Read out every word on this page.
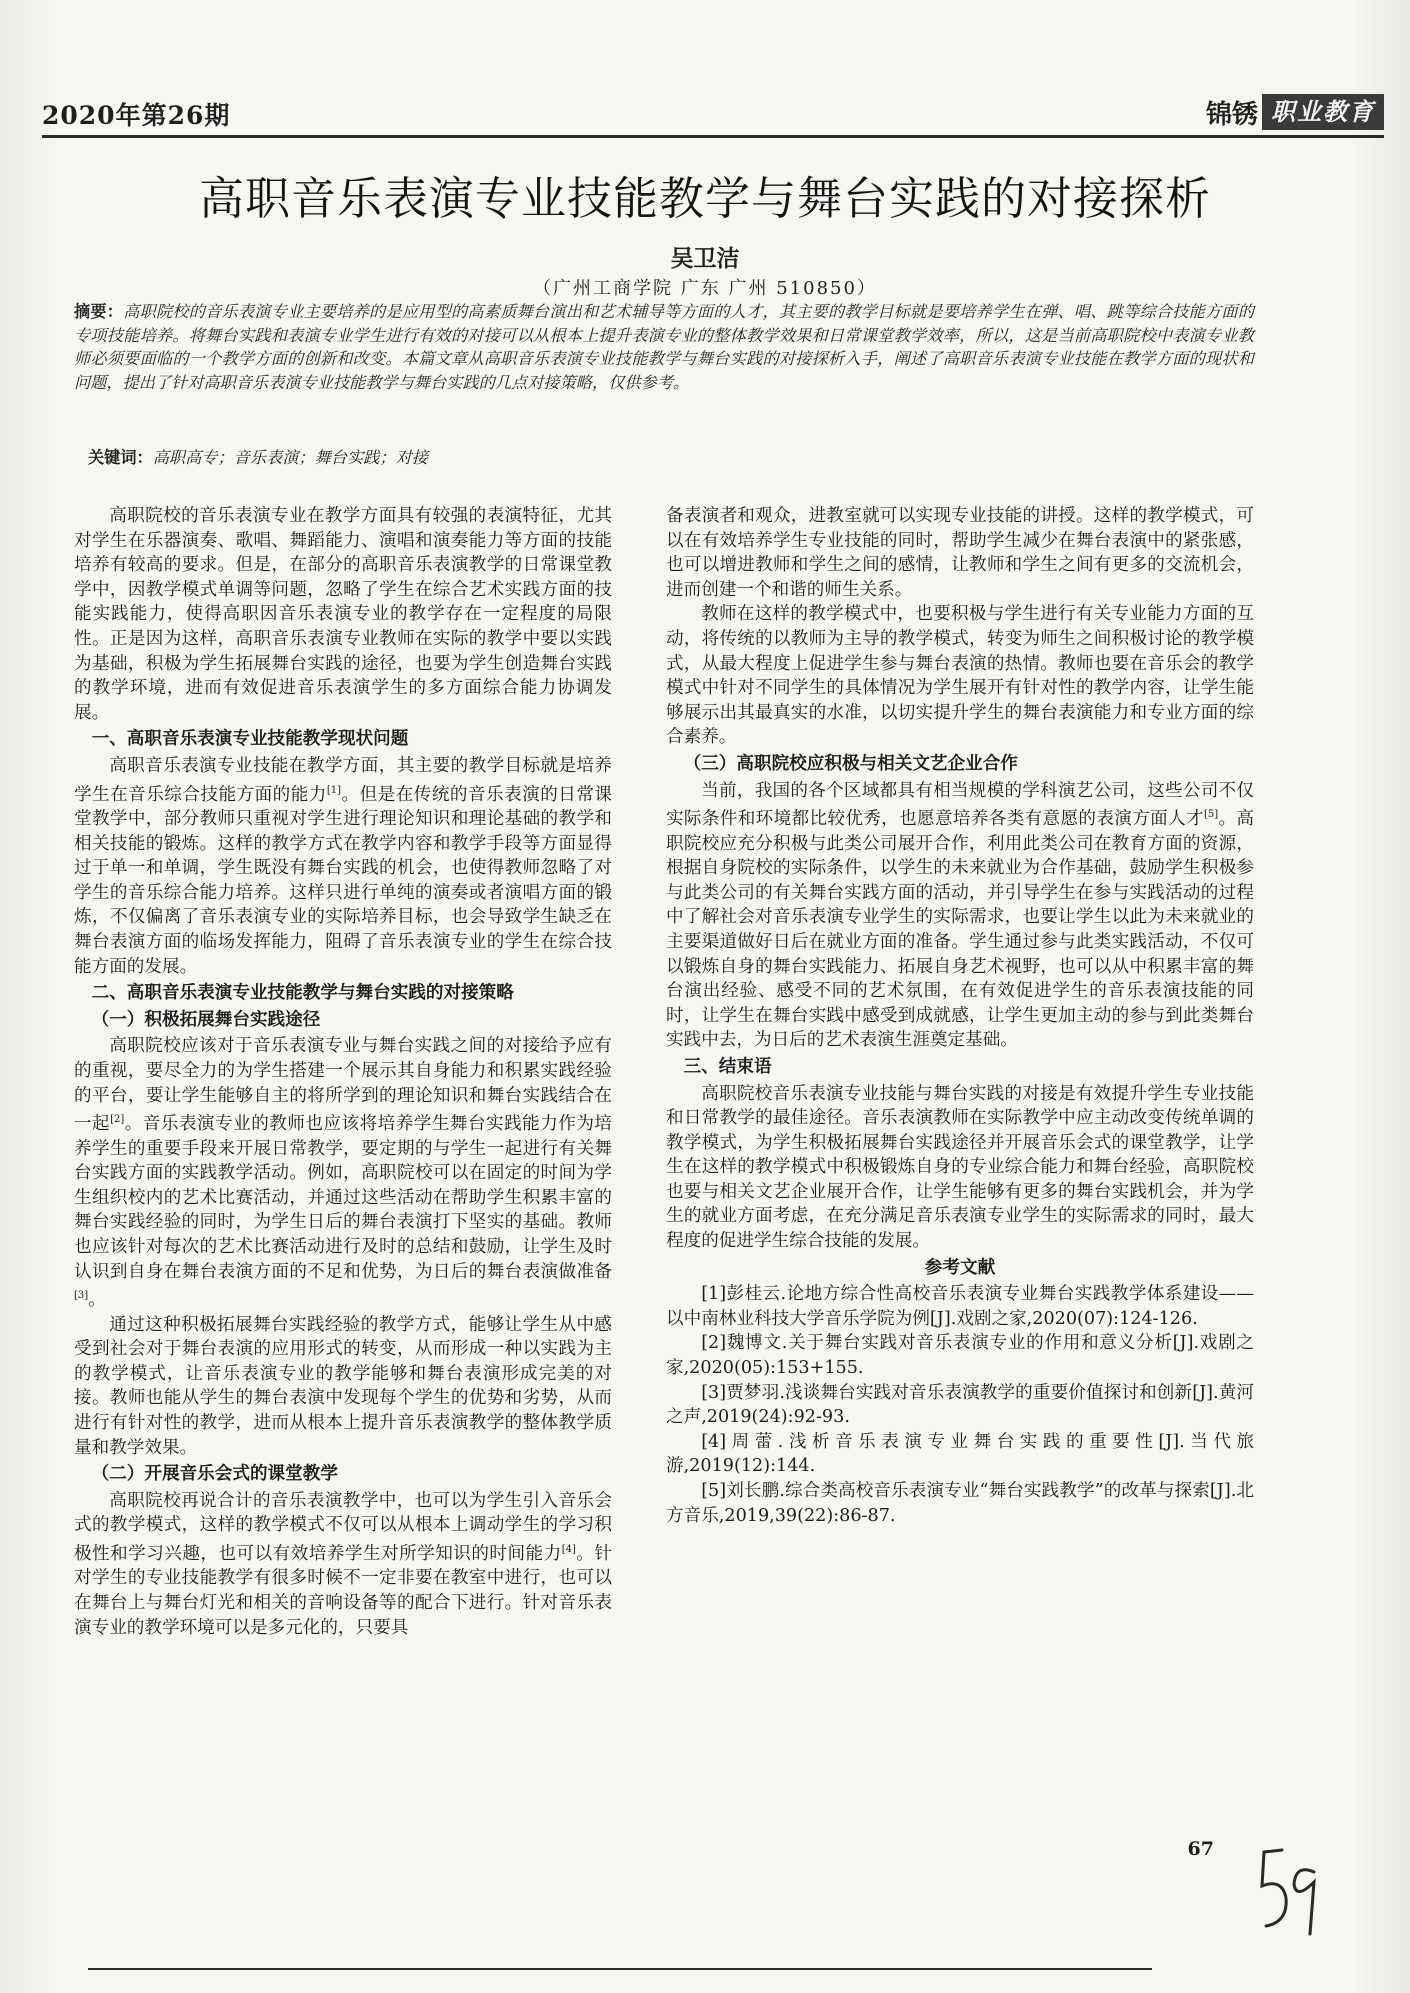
2020年第26期	锦锈 职业教育
高职音乐表演专业技能教学与舞台实践的对接探析
吴卫洁
（广州工商学院 广东 广州 510850）
摘要：高职院校的音乐表演专业主要培养的是应用型的高素质舞台演出和艺术辅导等方面的人才，其主要的教学目标就是要培养学生在弹、唱、跳等综合技能方面的专项技能培养。将舞台实践和表演专业学生进行有效的对接可以从根本上提升表演专业的整体教学效果和日常课堂教学效率，所以，这是当前高职院校中表演专业教师必须要面临的一个教学方面的创新和改变。本篇文章从高职音乐表演专业技能教学与舞台实践的对接探析入手，阐述了高职音乐表演专业技能在教学方面的现状和问题，提出了针对高职音乐表演专业技能教学与舞台实践的几点对接策略，仅供参考。
关键词：高职高专；音乐表演；舞台实践；对接

高职院校的音乐表演专业在教学方面具有较强的表演特征，尤其对学生在乐器演奏、歌唱、舞蹈能力、演唱和演奏能力等方面的技能培养有较高的要求。但是，在部分的高职音乐表演教学的日常课堂教学中，因教学模式单调等问题，忽略了学生在综合艺术实践方面的技能实践能力，使得高职因音乐表演专业的教学存在一定程度的局限性。正是因为这样，高职音乐表演专业教师在实际的教学中要以实践为基础，积极为学生拓展舞台实践的途径，也要为学生创造舞台实践的教学环境，进而有效促进音乐表演学生的多方面综合能力协调发展。

一、高职音乐表演专业技能教学现状问题

高职音乐表演专业技能在教学方面，其主要的教学目标就是培养学生在音乐综合技能方面的能力[1]。但是在传统的音乐表演的日常课堂教学中，部分教师只重视对学生进行理论知识和理论基础的教学和相关技能的锻炼。这样的教学方式在教学内容和教学手段等方面显得过于单一和单调，学生既没有舞台实践的机会，也使得教师忽略了对学生的音乐综合能力培养。这样只进行单纯的演奏或者演唱方面的锻炼，不仅偏离了音乐表演专业的实际培养目标，也会导致学生缺乏在舞台表演方面的临场发挥能力，阻碍了音乐表演专业的学生在综合技能方面的发展。

二、高职音乐表演专业技能教学与舞台实践的对接策略
（一）积极拓展舞台实践途径

高职院校应该对于音乐表演专业与舞台实践之间的对接给予应有的重视，要尽全力的为学生搭建一个展示其自身能力和积累实践经验的平台，要让学生能够自主的将所学到的理论知识和舞台实践结合在一起[2]。音乐表演专业的教师也应该将培养学生舞台实践能力作为培养学生的重要手段来开展日常教学，要定期的与学生一起进行有关舞台实践方面的实践教学活动。例如，高职院校可以在固定的时间为学生组织校内的艺术比赛活动，并通过这些活动在帮助学生积累丰富的舞台实践经验的同时，为学生日后的舞台表演打下坚实的基础。教师也应该针对每次的艺术比赛活动进行及时的总结和鼓励，让学生及时认识到自身在舞台表演方面的不足和优势，为日后的舞台表演做准备[3]。

通过这种积极拓展舞台实践经验的教学方式，能够让学生从中感受到社会对于舞台表演的应用形式的转变，从而形成一种以实践为主的教学模式，让音乐表演专业的教学能够和舞台表演形成完美的对接。教师也能从学生的舞台表演中发现每个学生的优势和劣势，从而进行有针对性的教学，进而从根本上提升音乐表演教学的整体教学质量和教学效果。

（二）开展音乐会式的课堂教学

高职院校再说合计的音乐表演教学中，也可以为学生引入音乐会式的教学模式，这样的教学模式不仅可以从根本上调动学生的学习积极性和学习兴趣，也可以有效培养学生对所学知识的时间能力[4]。针对学生的专业技能教学有很多时候不一定非要在教室中进行，也可以在舞台上与舞台灯光和相关的音响设备等的配合下进行。针对音乐表演专业的教学环境可以是多元化的，只要具

备表演者和观众，进教室就可以实现专业技能的讲授。这样的教学模式，可以在有效培养学生专业技能的同时，帮助学生减少在舞台表演中的紧张感，也可以增进教师和学生之间的感情，让教师和学生之间有更多的交流机会，进而创建一个和谐的师生关系。

教师在这样的教学模式中，也要积极与学生进行有关专业能力方面的互动，将传统的以教师为主导的教学模式，转变为师生之间积极讨论的教学模式，从最大程度上促进学生参与舞台表演的热情。教师也要在音乐会的教学模式中针对不同学生的具体情况为学生展开有针对性的教学内容，让学生能够展示出其最真实的水准，以切实提升学生的舞台表演能力和专业方面的综合素养。

（三）高职院校应积极与相关文艺企业合作

当前，我国的各个区域都具有相当规模的学科演艺公司，这些公司不仅实际条件和环境都比较优秀，也愿意培养各类有意愿的表演方面人才[5]。高职院校应充分积极与此类公司展开合作，利用此类公司在教育方面的资源，根据自身院校的实际条件，以学生的未来就业为合作基础，鼓励学生积极参与此类公司的有关舞台实践方面的活动，并引导学生在参与实践活动的过程中了解社会对音乐表演专业学生的实际需求，也要让学生以此为未来就业的主要渠道做好日后在就业方面的准备。学生通过参与此类实践活动，不仅可以锻炼自身的舞台实践能力、拓展自身艺术视野，也可以从中积累丰富的舞台演出经验、感受不同的艺术氛围，在有效促进学生的音乐表演技能的同时，让学生在舞台实践中感受到成就感，让学生更加主动的参与到此类舞台实践中去，为日后的艺术表演生涯奠定基础。

三、结束语

高职院校音乐表演专业技能与舞台实践的对接是有效提升学生专业技能和日常教学的最佳途径。音乐表演教师在实际教学中应主动改变传统单调的教学模式，为学生积极拓展舞台实践途径并开展音乐会式的课堂教学，让学生在这样的教学模式中积极锻炼自身的专业综合能力和舞台经验，高职院校也要与相关文艺企业展开合作，让学生能够有更多的舞台实践机会，并为学生的就业方面考虑，在充分满足音乐表演专业学生的实际需求的同时，最大程度的促进学生综合技能的发展。

参考文献

[1]彭桂云.论地方综合性高校音乐表演专业舞台实践教学体系建设——以中南林业科技大学音乐学院为例[J].戏剧之家,2020(07):124-126.

[2]魏博文.关于舞台实践对音乐表演专业的作用和意义分析[J].戏剧之家,2020(05):153+155.

[3]贾梦羽.浅谈舞台实践对音乐表演教学的重要价值探讨和创新[J].黄河之声,2019(24):92-93.

[4]周蕾.浅析音乐表演专业舞台实践的重要性[J].当代旅游,2019(12):144.

[5]刘长鹏.综合类高校音乐表演专业“舞台实践教学”的改革与探索[J].北方音乐,2019,39(22):86-87.

67
